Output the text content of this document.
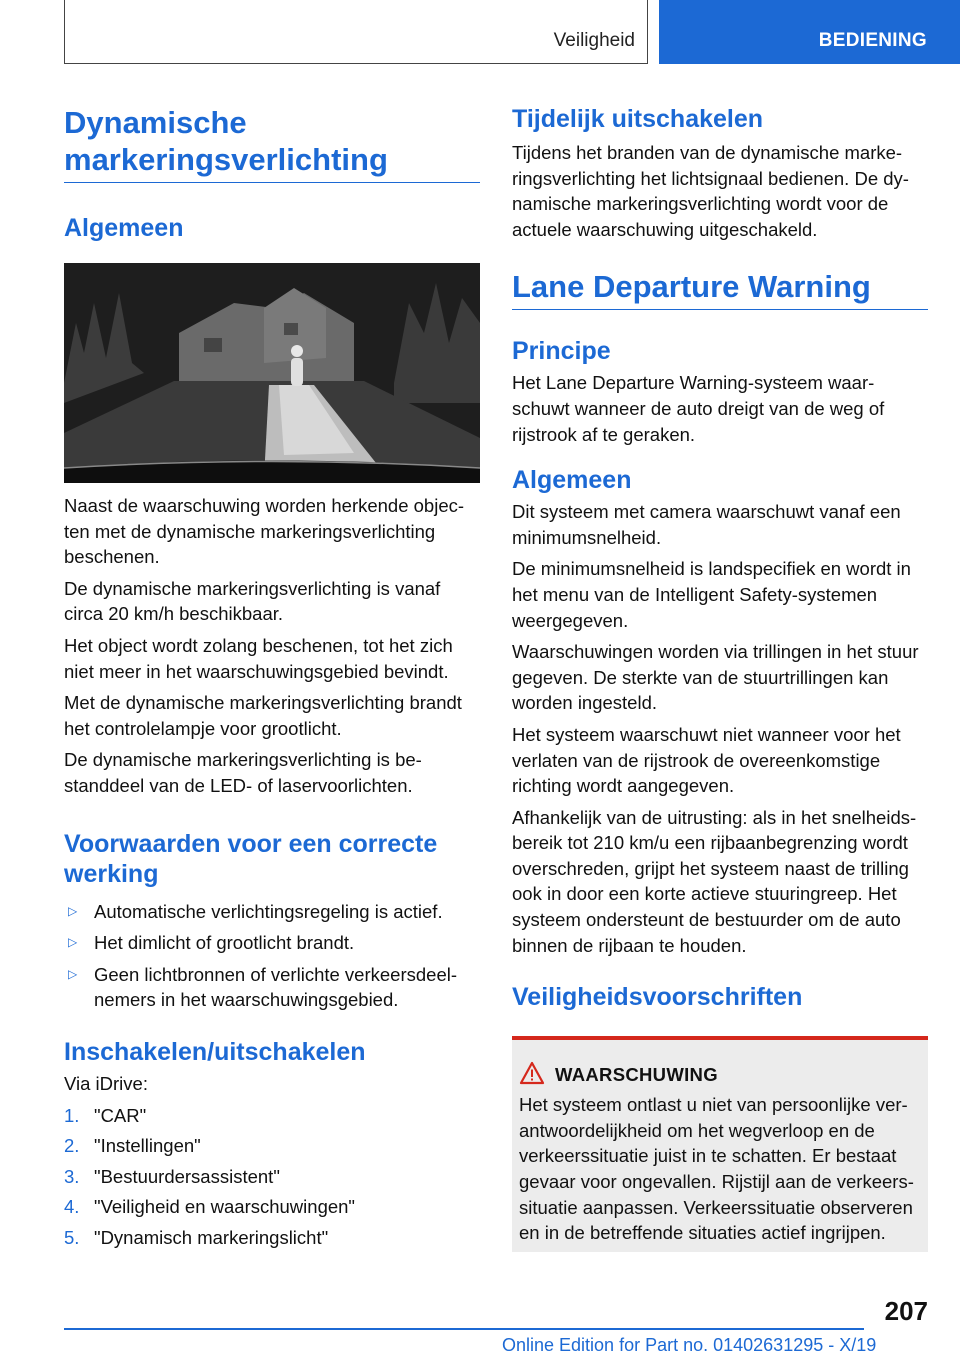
Veiligheid	BEDIENING
Dynamische markeringsverlichting
Algemeen

Naast de waarschuwing worden herkende objec- ten met de dynamische markeringsverlichting beschenen.

De dynamische markeringsverlichting is vanaf circa 20 km/h beschikbaar.

Het object wordt zolang beschenen, tot het zich niet meer in het waarschuwingsgebied bevindt.

Met de dynamische markeringsverlichting brandt het controlelampje voor grootlicht.

De dynamische markeringsverlichting is be- standdeel van de LED- of laservoorlichten.

Voorwaarden voor een correcte werking
▷ Automatische verlichtingsregeling is actief.
▷ Het dimlicht of grootlicht brandt.
▷ Geen lichtbronnen of verlichte verkeersdeel- nemers in het waarschuwingsgebied.
Inschakelen/uitschakelen

Via iDrive:

1. "CAR"
2. "Instellingen"
3. "Bestuurdersassistent"
4. "Veiligheid en waarschuwingen"
5. "Dynamisch markeringslicht"
Tijdelijk uitschakelen

Tijdens het branden van de dynamische marke- ringsverlichting het lichtsignaal bedienen. De dy- namische markeringsverlichting wordt voor de actuele waarschuwing uitgeschakeld.

Lane Departure Warning
Principe

Het Lane Departure Warning-systeem waar- schuwt wanneer de auto dreigt van de weg of rijstrook af te geraken.

Algemeen

Dit systeem met camera waarschuwt vanaf een minimumsnelheid.

De minimumsnelheid is landspecifiek en wordt in het menu van de Intelligent Safety-systemen weergegeven.

Waarschuwingen worden via trillingen in het stuur gegeven. De sterkte van de stuurtrillingen kan worden ingesteld.

Het systeem waarschuwt niet wanneer voor het verlaten van de rijstrook de overeenkomstige richting wordt aangegeven.

Afhankelijk van de uitrusting: als in het snelheids- bereik tot 210 km/u een rijbaanbegrenzing wordt overschreden, grijpt het systeem naast de trilling ook in door een korte actieve stuuringreep. Het systeem ondersteunt de bestuurder om de auto binnen de rijbaan te houden.

Veiligheidsvoorschriften
WAARSCHUWING

Het systeem ontlast u niet van persoonlijke ver- antwoordelijkheid om het wegverloop en de verkeerssituatie juist in te schatten. Er bestaat gevaar voor ongevallen. Rijstijl aan de verkeers- situatie aanpassen. Verkeerssituatie observeren en in de betreffende situaties actief ingrijpen.

207
Online Edition for Part no. 01402631295 - X/19
